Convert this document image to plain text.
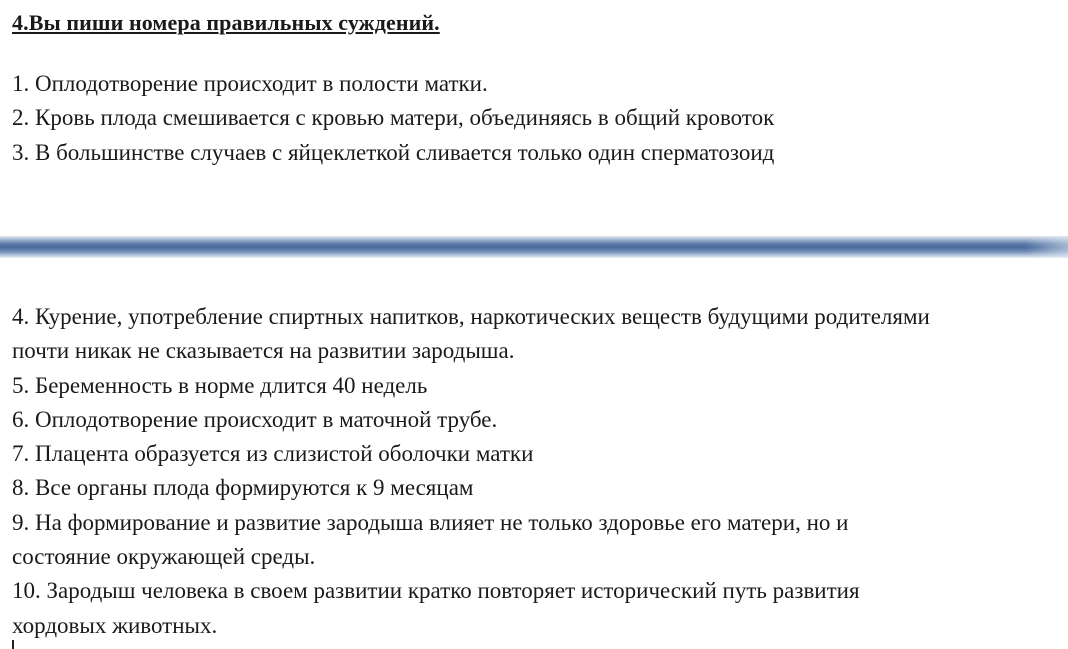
4.Вы пиши номера правильных суждений.
1. Оплодотворение происходит в полости матки.
2. Кровь плода смешивается с кровью матери, объединяясь в общий кровоток
3. В большинстве случаев с яйцеклеткой сливается только один сперматозоид
4. Курение, употребление спиртных напитков, наркотических веществ будущими родителями
почти никак не сказывается на развитии зародыша.
5. Беременность в норме длится 40 недель
6. Оплодотворение происходит в маточной трубе.
7. Плацента образуется из слизистой оболочки матки
8. Все органы плода формируются к 9 месяцам
9. На формирование и развитие зародыша влияет не только здоровье его матери, но и
состояние окружающей среды.
10. Зародыш человека в своем развитии кратко повторяет исторический путь развития
хордовых животных.
